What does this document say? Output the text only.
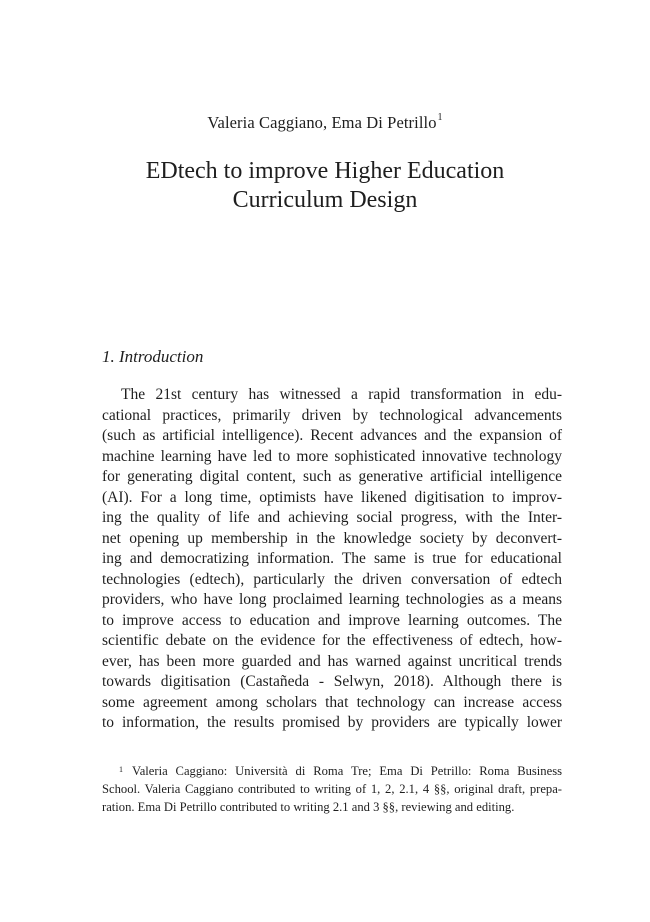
Valeria Caggiano, Ema Di Petrillo$^1$
EDtech to improve Higher Education
Curriculum Design
1. Introduction
The 21st century has witnessed a rapid transformation in edu-
cational practices, primarily driven by technological advancements
(such as artificial intelligence). Recent advances and the expansion of
machine learning have led to more sophisticated innovative technology
for generating digital content, such as generative artificial intelligence
(AI). For a long time, optimists have likened digitisation to improv-
ing the quality of life and achieving social progress, with the Inter-
net opening up membership in the knowledge society by deconvert-
ing and democratizing information. The same is true for educational
technologies (edtech), particularly the driven conversation of edtech
providers, who have long proclaimed learning technologies as a means
to improve access to education and improve learning outcomes. The
scientific debate on the evidence for the effectiveness of edtech, how-
ever, has been more guarded and has warned against uncritical trends
towards digitisation (Castañeda - Selwyn, 2018). Although there is
some agreement among scholars that technology can increase access
to information, the results promised by providers are typically lower
$^1$ Valeria Caggiano: Università di Roma Tre; Ema Di Petrillo: Roma Business
School. Valeria Caggiano contributed to writing of 1, 2, 2.1, 4 §§, original draft, prepa-
ration. Ema Di Petrillo contributed to writing 2.1 and 3 §§, reviewing and editing.
